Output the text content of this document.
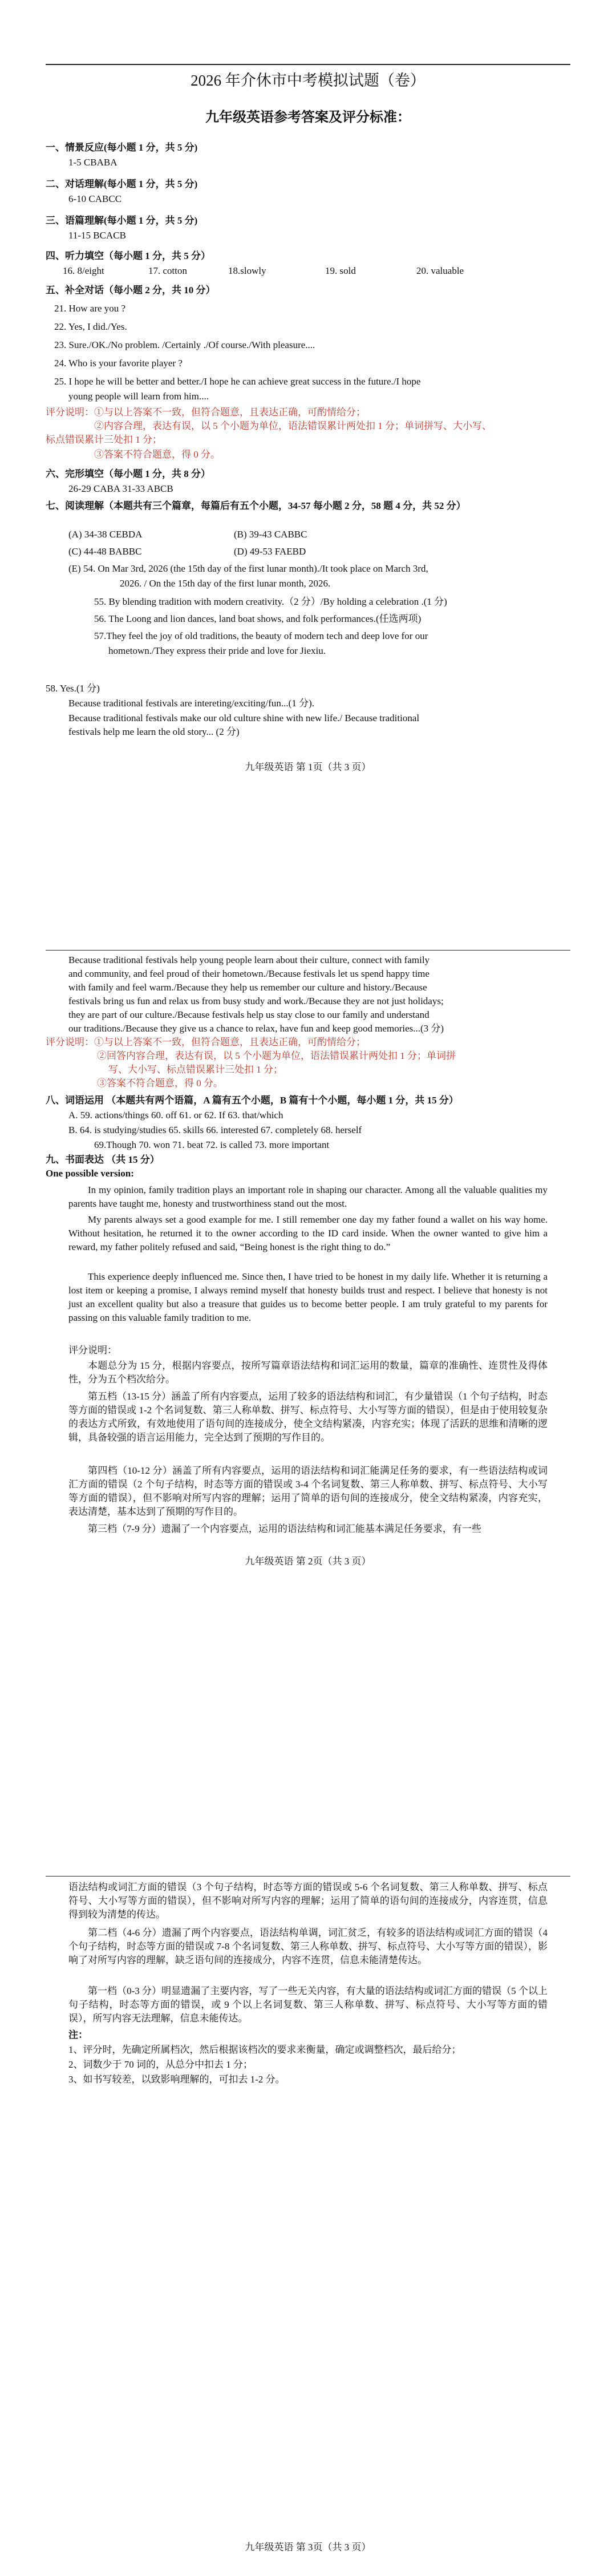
2026 年介休市中考模拟试题（卷）
九年级英语参考答案及评分标准：
一、情景反应(每小题 1 分，共 5 分)
1-5 CBABA
二、对话理解(每小题 1 分，共 5 分)
6-10 CABCC
三、语篇理解(每小题 1 分，共 5 分)
11-15 BCACB
四、听力填空（每小题 1 分，共 5 分）
16. 8/eight	17. cotton	18.slowly	19. sold	20. valuable
五、补全对话（每小题 2 分，共 10 分）
21. How are you ?
22. Yes, I did./Yes.
23. Sure./OK./No problem. /Certainly ./Of course./With pleasure....
24. Who is your favorite player ?
25. I hope he will be better and better./I hope he can achieve great success in the future./I hope
young people will learn from him....
评分说明：①与以上答案不一致，但符合题意，且表达正确，可酌情给分；
②内容合理，表达有误，以 5 个小题为单位，语法错误累计两处扣 1 分；单词拼写、大小写、
标点错误累计三处扣 1 分；
③答案不符合题意，得 0 分。
六、完形填空（每小题 1 分，共 8 分）
26-29 CABA 31-33 ABCB
七、阅读理解（本题共有三个篇章，每篇后有五个小题，34-57 每小题 2 分，58 题 4 分，共 52 分）
(A) 34-38 CEBDA	(B) 39-43 CABBC
(C) 44-48 BABBC	(D) 49-53 FAEBD
(E) 54. On Mar 3rd, 2026 (the 15th day of the first lunar month)./It took place on March 3rd,
2026. / On the 15th day of the first lunar month, 2026.
55. By blending tradition with modern creativity.（2 分）/By holding a celebration .(1 分)
56. The Loong and lion dances, land boat shows, and folk performances.(任选两项)
57.They feel the joy of old traditions, the beauty of modern tech and deep love for our
hometown./They express their pride and love for Jiexiu.
58. Yes.(1 分)
Because traditional festivals are intereting/exciting/fun...(1 分).
Because traditional festivals make our old culture shine with new life./ Because traditional
festivals help me learn the old story... (2 分)
九年级英语 第 1页（共 3 页）
Because traditional festivals help young people learn about their culture, connect with family
and community, and feel proud of their hometown./Because festivals let us spend happy time
with family and feel warm./Because they help us remember our culture and history./Because
festivals bring us fun and relax us from busy study and work./Because they are not just holidays;
they are part of our culture./Because festivals help us stay close to our family and understand
our traditions./Because they give us a chance to relax, have fun and keep good memories...(3 分)
评分说明：①与以上答案不一致，但符合题意，且表达正确，可酌情给分；
②回答内容合理，表达有误，以 5 个小题为单位，语法错误累计两处扣 1 分；单词拼
写、大小写、标点错误累计三处扣 1 分；
③答案不符合题意，得 0 分。
八、词语运用 （本题共有两个语篇，A 篇有五个小题，B 篇有十个小题，每小题 1 分，共 15 分）
A. 59. actions/things 60. off 61. or 62. If 63. that/which
B. 64. is studying/studies 65. skills 66. interested 67. completely 68. herself
69.Though 70. won 71. beat 72. is called 73. more important
九、书面表达 （共 15 分）
One possible version:
In my opinion, family tradition plays an important role in shaping our character. Among all the valuable qualities my parents have taught me, honesty and trustworthiness stand out the most.
My parents always set a good example for me. I still remember one day my father found a wallet on his way home. Without hesitation, he returned it to the owner according to the ID card inside. When the owner wanted to give him a reward, my father politely refused and said, “Being honest is the right thing to do.”
This experience deeply influenced me. Since then, I have tried to be honest in my daily life. Whether it is returning a lost item or keeping a promise, I always remind myself that honesty builds trust and respect. I believe that honesty is not just an excellent quality but also a treasure that guides us to become better people. I am truly grateful to my parents for passing on this valuable family tradition to me.
评分说明：
本题总分为 15 分，根据内容要点，按所写篇章语法结构和词汇运用的数量，篇章的准确性、连贯性及得体性，分为五个档次给分。
第五档（13-15 分）涵盖了所有内容要点，运用了较多的语法结构和词汇，有少量错误（1 个句子结构，时态等方面的错误或 1-2 个名词复数、第三人称单数、拼写、标点符号、大小写等方面的错误），但是由于使用较复杂的表达方式所致，有效地使用了语句间的连接成分，使全文结构紧凑，内容充实；体现了活跃的思维和清晰的逻辑，具备较强的语言运用能力，完全达到了预期的写作目的。
第四档（10-12 分）涵盖了所有内容要点，运用的语法结构和词汇能满足任务的要求，有一些语法结构或词汇方面的错误（2 个句子结构，时态等方面的错误或 3-4 个名词复数、第三人称单数、拼写、标点符号、大小写等方面的错误），但不影响对所写内容的理解；运用了简单的语句间的连接成分，使全文结构紧凑，内容充实，表达清楚，基本达到了预期的写作目的。
第三档（7-9 分）遗漏了一个内容要点，运用的语法结构和词汇能基本满足任务要求，有一些
九年级英语 第 2页（共 3 页）
语法结构或词汇方面的错误（3 个句子结构，时态等方面的错误或 5-6 个名词复数、第三人称单数、拼写、标点符号、大小写等方面的错误），但不影响对所写内容的理解；运用了简单的语句间的连接成分，内容连贯，信息得到较为清楚的传达。
第二档（4-6 分）遗漏了两个内容要点，语法结构单调，词汇贫乏，有较多的语法结构或词汇方面的错误（4 个句子结构，时态等方面的错误或 7-8 个名词复数、第三人称单数、拼写、标点符号、大小写等方面的错误），影响了对所写内容的理解，缺乏语句间的连接成分，内容不连贯，信息未能清楚传达。
第一档（0-3 分）明显遗漏了主要内容，写了一些无关内容，有大量的语法结构或词汇方面的错误（5 个以上句子结构，时态等方面的错误，或 9 个以上名词复数、第三人称单数、拼写、标点符号、大小写等方面的错误），所写内容无法理解，信息未能传达。
注：
1、评分时，先确定所属档次，然后根据该档次的要求来衡量，确定或调整档次，最后给分；
2、词数少于 70 词的，从总分中扣去 1 分；
3、如书写较差，以致影响理解的，可扣去 1-2 分。
九年级英语 第 3页（共 3 页）
